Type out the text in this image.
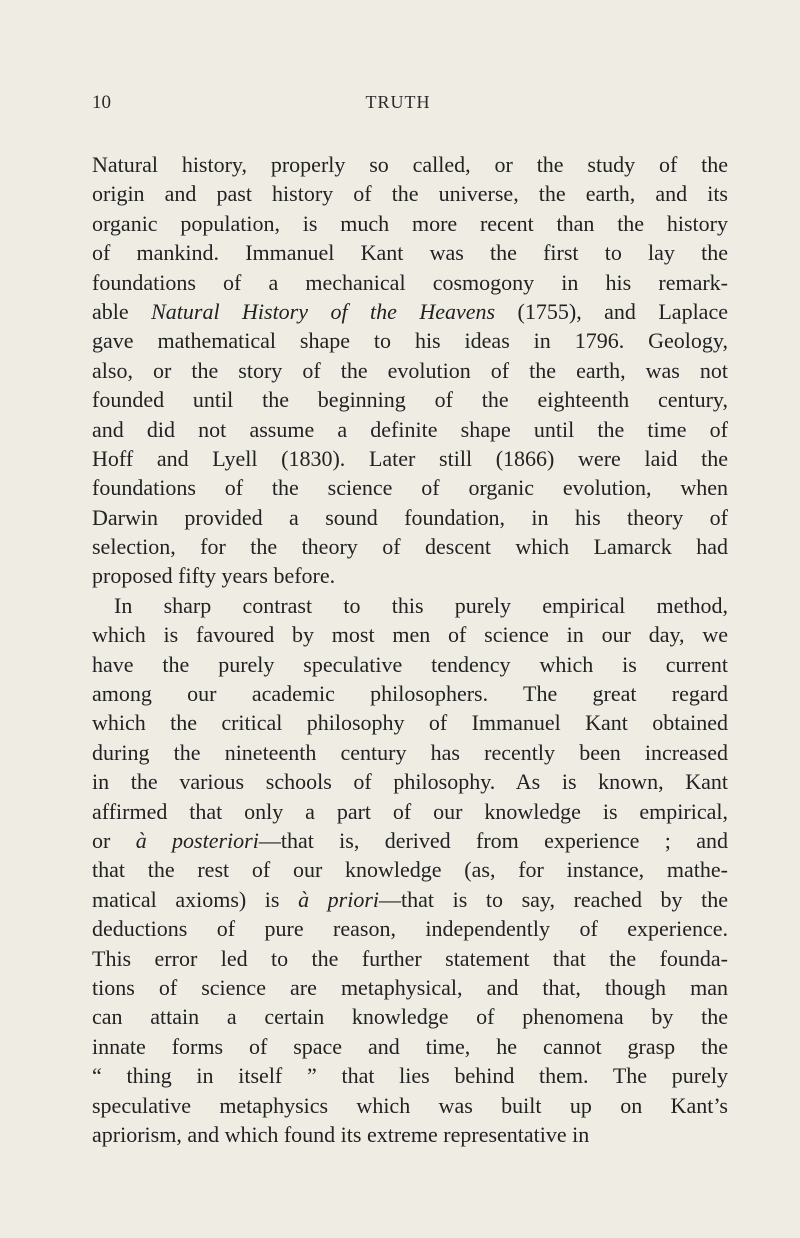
10	TRUTH
Natural history, properly so called, or the study of the
origin and past history of the universe, the earth, and its
organic population, is much more recent than the history
of mankind. Immanuel Kant was the first to lay the
foundations of a mechanical cosmogony in his remark-
able Natural History of the Heavens (1755), and Laplace
gave mathematical shape to his ideas in 1796. Geology,
also, or the story of the evolution of the earth, was not
founded until the beginning of the eighteenth century,
and did not assume a definite shape until the time of
Hoff and Lyell (1830). Later still (1866) were laid the
foundations of the science of organic evolution, when
Darwin provided a sound foundation, in his theory of
selection, for the theory of descent which Lamarck had
proposed fifty years before.
In sharp contrast to this purely empirical method,
which is favoured by most men of science in our day, we
have the purely speculative tendency which is current
among our academic philosophers. The great regard
which the critical philosophy of Immanuel Kant obtained
during the nineteenth century has recently been increased
in the various schools of philosophy. As is known, Kant
affirmed that only a part of our knowledge is empirical,
or à posteriori—that is, derived from experience ; and
that the rest of our knowledge (as, for instance, mathe-
matical axioms) is à priori—that is to say, reached by the
deductions of pure reason, independently of experience.
This error led to the further statement that the founda-
tions of science are metaphysical, and that, though man
can attain a certain knowledge of phenomena by the
innate forms of space and time, he cannot grasp the
“ thing in itself ” that lies behind them. The purely
speculative metaphysics which was built up on Kant’s
apriorism, and which found its extreme representative in
